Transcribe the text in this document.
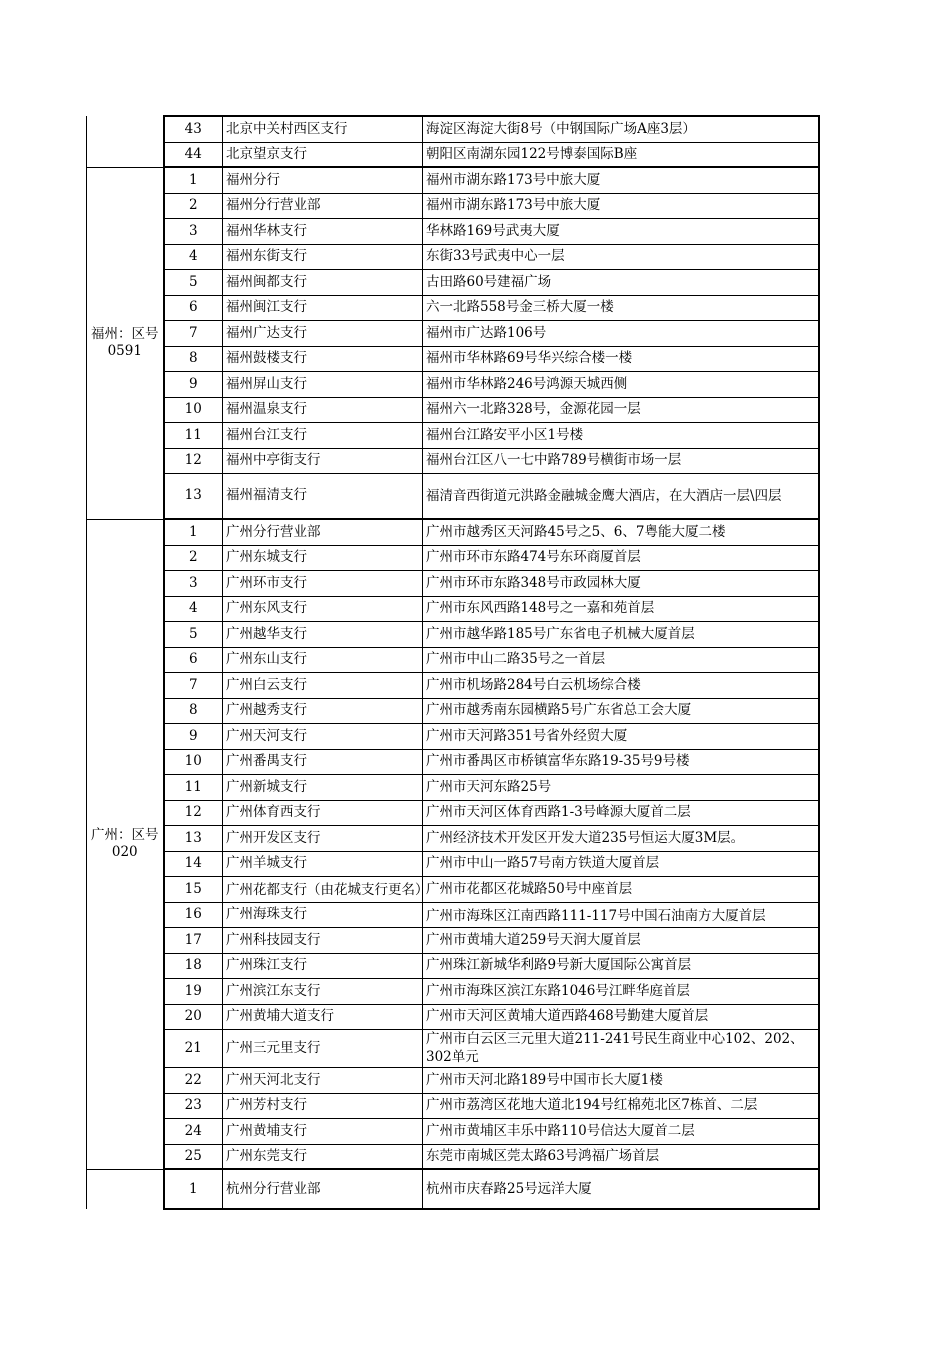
	43	北京中关村西区支行	海淀区海淀大街8号（中钢国际广场A座3层）
	44	北京望京支行	朝阳区南湖东园122号博泰国际B座
福州：区号0591	1	福州分行	福州市湖东路173号中旅大厦
	2	福州分行营业部	福州市湖东路173号中旅大厦
	3	福州华林支行	华林路169号武夷大厦
	4	福州东街支行	东街33号武夷中心一层
	5	福州闽都支行	古田路60号建福广场
	6	福州闽江支行	六一北路558号金三桥大厦一楼
	7	福州广达支行	福州市广达路106号
	8	福州鼓楼支行	福州市华林路69号华兴综合楼一楼
	9	福州屏山支行	福州市华林路246号鸿源天城西侧
	10	福州温泉支行	福州六一北路328号，金源花园一层
	11	福州台江支行	福州台江路安平小区1号楼
	12	福州中亭街支行	福州台江区八一七中路789号横街市场一层
	13	福州福清支行	福清音西街道元洪路金融城金鹰大酒店，在大酒店一层\四层
广州：区号020	1	广州分行营业部	广州市越秀区天河路45号之5、6、7粤能大厦二楼
	2	广州东城支行	广州市环市东路474号东环商厦首层
	3	广州环市支行	广州市环市东路348号市政园林大厦
	4	广州东风支行	广州市东风西路148号之一嘉和苑首层
	5	广州越华支行	广州市越华路185号广东省电子机械大厦首层
	6	广州东山支行	广州市中山二路35号之一首层
	7	广州白云支行	广州市机场路284号白云机场综合楼
	8	广州越秀支行	广州市越秀南东园横路5号广东省总工会大厦
	9	广州天河支行	广州市天河路351号省外经贸大厦
	10	广州番禺支行	广州市番禺区市桥镇富华东路19-35号9号楼
	11	广州新城支行	广州市天河东路25号
	12	广州体育西支行	广州市天河区体育西路1-3号峰源大厦首二层
	13	广州开发区支行	广州经济技术开发区开发大道235号恒运大厦3M层。
	14	广州羊城支行	广州市中山一路57号南方铁道大厦首层
	15	广州花都支行（由花城支行更名）	广州市花都区花城路50号中座首层
	16	广州海珠支行	广州市海珠区江南西路111-117号中国石油南方大厦首层

	17	广州科技园支行	广州市黄埔大道259号天润大厦首层
	18	广州珠江支行	广州珠江新城华利路9号新大厦国际公寓首层
	19	广州滨江东支行	广州市海珠区滨江东路1046号江畔华庭首层
	20	广州黄埔大道支行	广州市天河区黄埔大道西路468号勤建大厦首层
	21	广州三元里支行	广州市白云区三元里大道211-241号民生商业中心102、202、302单元
	22	广州天河北支行	广州市天河北路189号中国市长大厦1楼
	23	广州芳村支行	广州市荔湾区花地大道北194号红棉苑北区7栋首、二层
	24	广州黄埔支行	广州市黄埔区丰乐中路110号信达大厦首二层
	25	广州东莞支行	东莞市南城区莞太路63号鸿福广场首层
	1	杭州分行营业部	杭州市庆春路25号远洋大厦
